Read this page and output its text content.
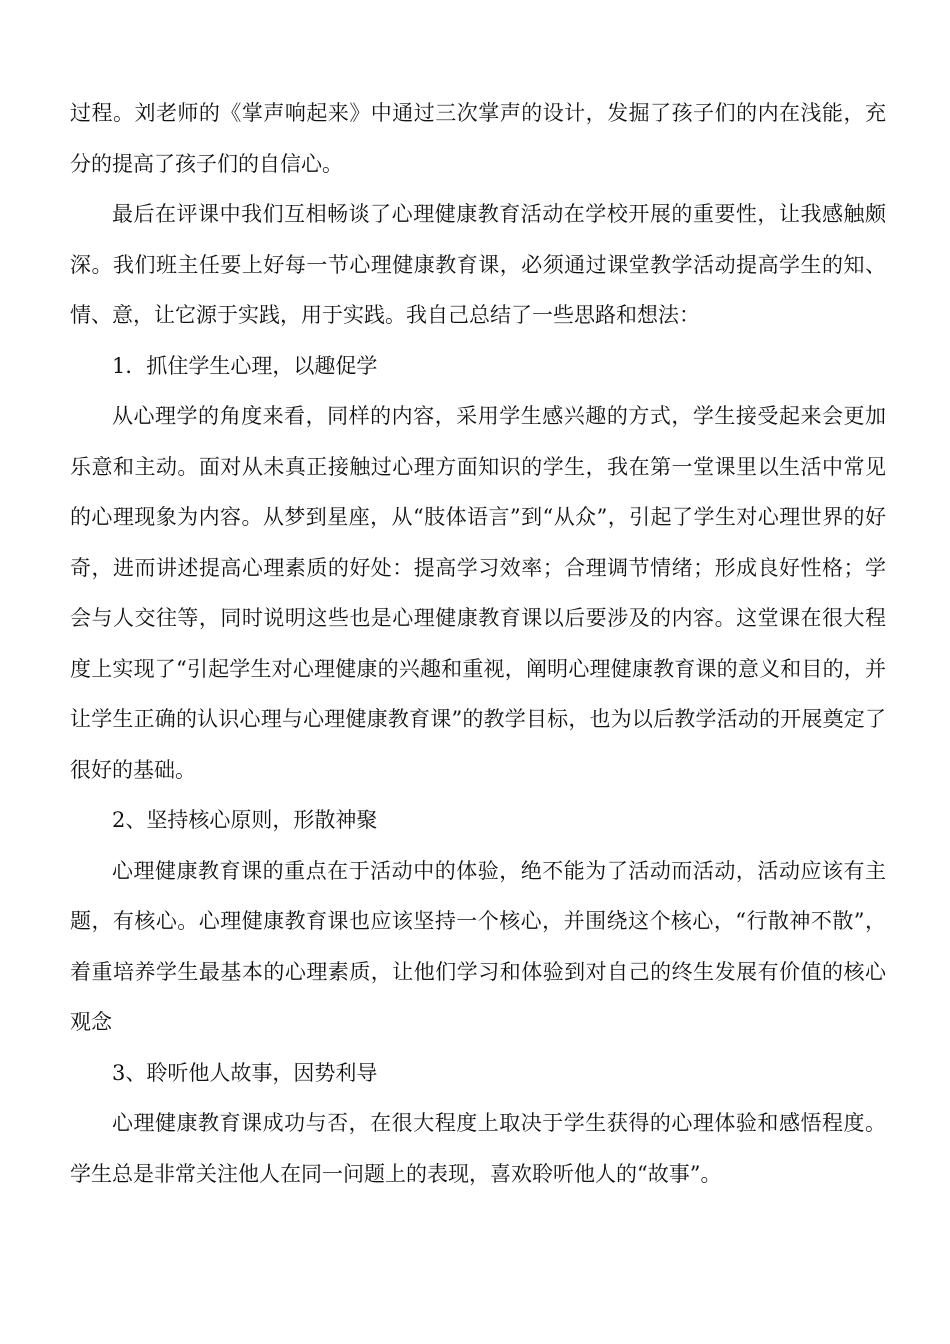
过程。刘老师的《掌声响起来》中通过三次掌声的设计，发掘了孩子们的内在浅能，充分的提高了孩子们的自信心。

最后在评课中我们互相畅谈了心理健康教育活动在学校开展的重要性，让我感触颇深。我们班主任要上好每一节心理健康教育课，必须通过课堂教学活动提高学生的知、情、意，让它源于实践，用于实践。我自己总结了一些思路和想法：

1．抓住学生心理，以趣促学

从心理学的角度来看，同样的内容，采用学生感兴趣的方式，学生接受起来会更加乐意和主动。面对从未真正接触过心理方面知识的学生，我在第一堂课里以生活中常见的心理现象为内容。从梦到星座，从“肢体语言”到“从众”，引起了学生对心理世界的好奇，进而讲述提高心理素质的好处：提高学习效率；合理调节情绪；形成良好性格；学会与人交往等，同时说明这些也是心理健康教育课以后要涉及的内容。这堂课在很大程度上实现了“引起学生对心理健康的兴趣和重视，阐明心理健康教育课的意义和目的，并让学生正确的认识心理与心理健康教育课”的教学目标，也为以后教学活动的开展奠定了很好的基础。

2、坚持核心原则，形散神聚

心理健康教育课的重点在于活动中的体验，绝不能为了活动而活动，活动应该有主题，有核心。心理健康教育课也应该坚持一个核心，并围绕这个核心，“行散神不散”，着重培养学生最基本的心理素质，让他们学习和体验到对自己的终生发展有价值的核心观念

3、聆听他人故事，因势利导

心理健康教育课成功与否，在很大程度上取决于学生获得的心理体验和感悟程度。学生总是非常关注他人在同一问题上的表现，喜欢聆听他人的“故事”。
